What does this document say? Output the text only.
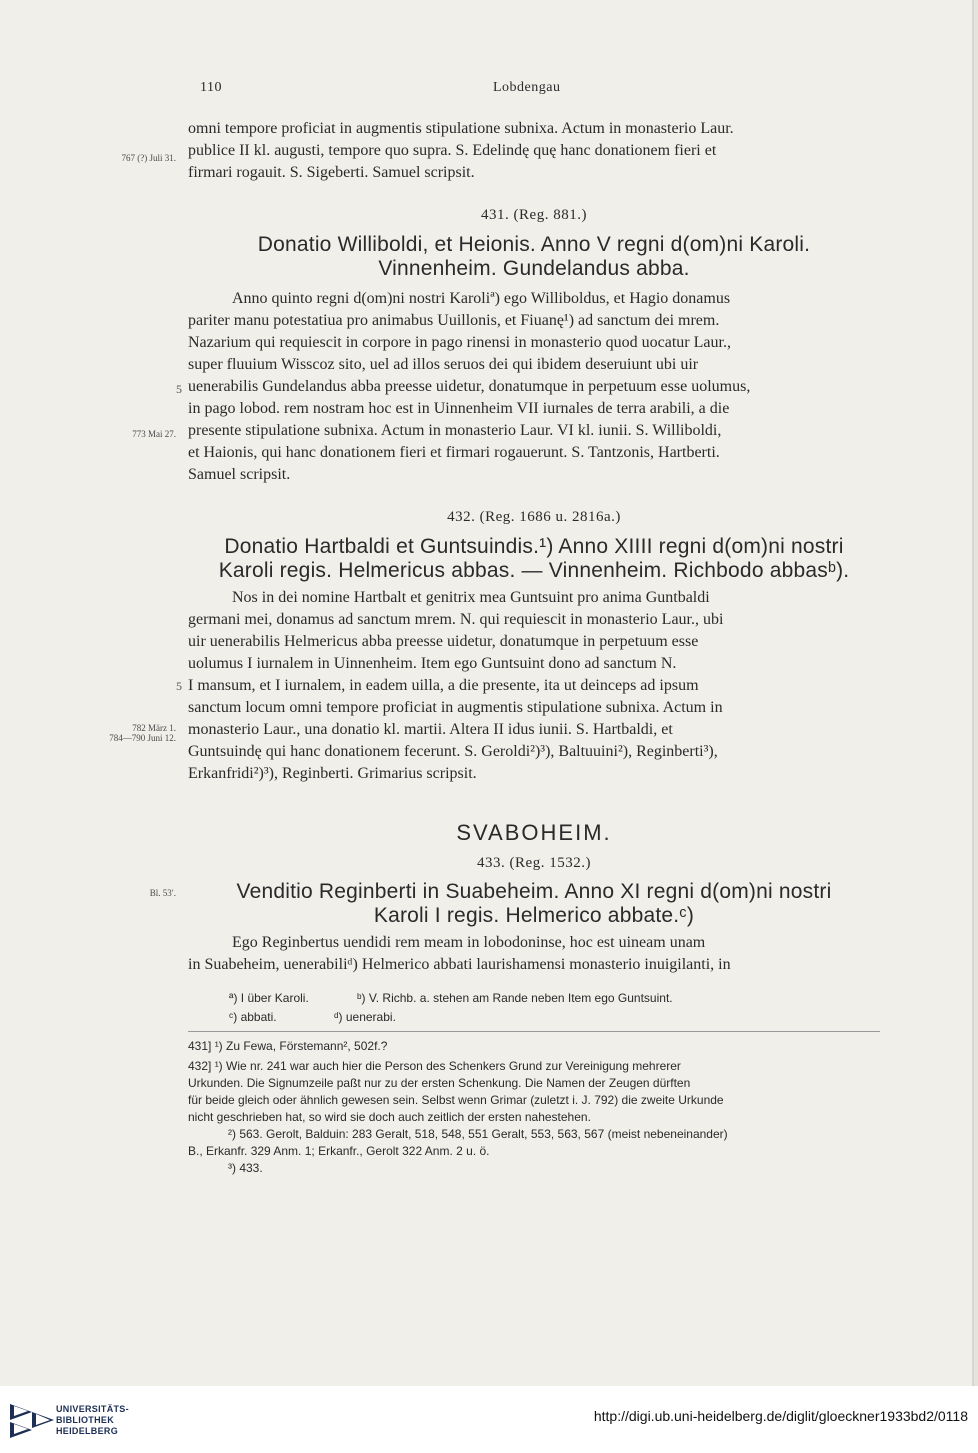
110	Lobdengau
767 (?) Juli 31.

omni tempore proficiat in augmentis stipulatione subnixa. Actum in monasterio Laur.
publice II kl. augusti, tempore quo supra. S. Edelindę quę hanc donationem fieri et
firmari rogauit. S. Sigeberti. Samuel scripsit.

431. (Reg. 881.)
Donatio Williboldi, et Heionis. Anno V regni d(om)ni Karoli.
Vinnenheim. Gundelandus abba.
5
773 Mai 27.

Anno quinto regni d(om)ni nostri Karoliª) ego Williboldus, et Hagio donamus
pariter manu potestatiua pro animabus Uuillonis, et Fiuanę¹) ad sanctum dei mrem.
Nazarium qui requiescit in corpore in pago rinensi in monasterio quod uocatur Laur.,
super fluuium Wisscoz sito, uel ad illos seruos dei qui ibidem deseruiunt ubi uir
uenerabilis Gundelandus abba preesse uidetur, donatumque in perpetuum esse uolumus,
in pago lobod. rem nostram hoc est in Uinnenheim VII iurnales de terra arabili, a die
presente stipulatione subnixa. Actum in monasterio Laur. VI kl. iunii. S. Williboldi,
et Haionis, qui hanc donationem fieri et firmari rogauerunt. S. Tantzonis, Hartberti.
Samuel scripsit.

432. (Reg. 1686 u. 2816a.)
Donatio Hartbaldi et Guntsuindis.¹) Anno XIIII regni d(om)ni nostri
Karoli regis. Helmericus abbas. — Vinnenheim. Richbodo abbasᵇ).
5
782 März 1.
784—790 Juni 12.

Nos in dei nomine Hartbalt et genitrix mea Guntsuint pro anima Guntbaldi
germani mei, donamus ad sanctum mrem. N. qui requiescit in monasterio Laur., ubi
uir uenerabilis Helmericus abba preesse uidetur, donatumque in perpetuum esse
uolumus I iurnalem in Uinnenheim. Item ego Guntsuint dono ad sanctum N.
I mansum, et I iurnalem, in eadem uilla, a die presente, ita ut deinceps ad ipsum
sanctum locum omni tempore proficiat in augmentis stipulatione subnixa. Actum in
monasterio Laur., una donatio kl. martii. Altera II idus iunii. S. Hartbaldi, et
Guntsuindę qui hanc donationem fecerunt. S. Geroldi²)³), Baltuuini²), Reginberti³),
Erkanfridi²)³), Reginberti. Grimarius scripsit.

SVABOHEIM.
433. (Reg. 1532.)
Bl. 53′.	Venditio Reginberti in Suabeheim. Anno XI regni d(om)ni nostri
Karoli I regis. Helmerico abbate.ᶜ)

Ego Reginbertus uendidi rem meam in lobodoninse, hoc est uineam unam
in Suabeheim, uenerabiliᵈ) Helmerico abbati laurishamensi monasterio inuigilanti, in

ª) I über Karoli.	ᵇ) V. Richb. a. stehen am Rande neben Item ego Guntsuint.
ᶜ) abbati.	ᵈ) uenerabi.
431] ¹) Zu Fewa, Förstemann², 502f.?

432] ¹) Wie nr. 241 war auch hier die Person des Schenkers Grund zur Vereinigung mehrerer
Urkunden. Die Signumzeile paßt nur zu der ersten Schenkung. Die Namen der Zeugen dürften
für beide gleich oder ähnlich gewesen sein. Selbst wenn Grimar (zuletzt i. J. 792) die zweite Urkunde
nicht geschrieben hat, so wird sie doch auch zeitlich der ersten nahestehen.
²) 563. Gerolt, Balduin: 283 Geralt, 518, 548, 551 Geralt, 553, 563, 567 (meist nebeneinander)
B., Erkanfr. 329 Anm. 1; Erkanfr., Gerolt 322 Anm. 2 u. ö.
³) 433.

UNIVERSITÄTS-
BIBLIOTHEK
HEIDELBERG
http://digi.ub.uni-heidelberg.de/diglit/gloeckner1933bd2/0118
